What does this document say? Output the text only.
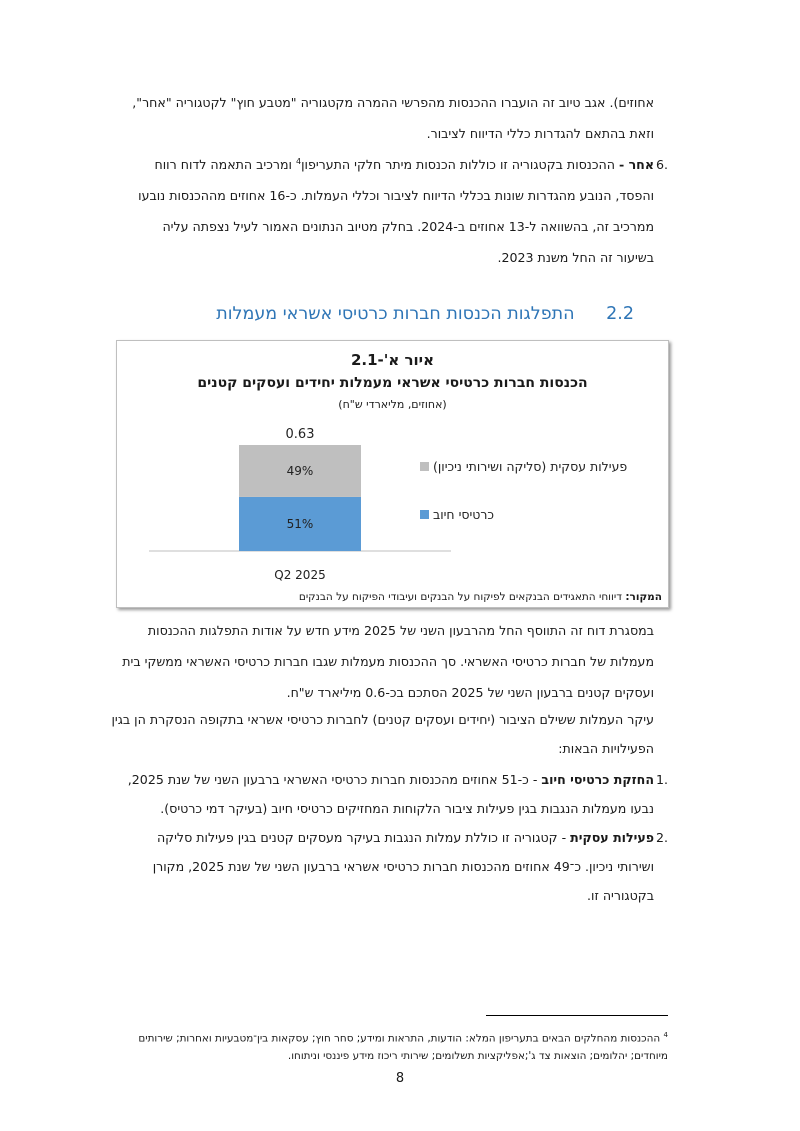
אחוזים). אגב טיוב זה הועברו ההכנסות מהפרשי ההמרה מקטגוריה "מטבע חוץ" לקטגוריה "אחר",
וזאת בהתאם להגדרות כללי הדיווח לציבור.
6.
אחר - ההכנסות בקטגוריה זו כוללות הכנסות מיתר חלקי התעריפון$^4$ ומרכיב התאמה לדוח רווח
והפסד, הנובע מהגדרות שונות בכללי הדיווח לציבור וכללי העמלות. כ-16 אחוזים מההכנסות נובעו
ממרכיב זה, בהשוואה ל-13 אחוזים ב-2024. בחלק מטיוב הנתונים האמור לעיל נצפתה עליה
בשיעור זה החל משנת 2023.
2.2 התפלגות הכנסות חברות כרטיסי אשראי מעמלות
איור א'-2.1
הכנסות חברות כרטיסי אשראי מעמלות יחידים ועסקים קטנים
(אחוזים, מליארדי ש"ח)
51%
49%
0.63
Q2 2025
פעילות עסקית (סליקה ושירותי ניכיון)
כרטיסי חיוב
המקור: דיווחי התאגידים הבנקאים לפיקוח על הבנקים ועיבודי הפיקוח על הבנקים
במסגרת דוח זה התווסף החל מהרבעון השני של 2025 מידע חדש על אודות התפלגות ההכנסות
מעמלות של חברות כרטיסי האשראי. סך ההכנסות מעמלות שגבו חברות כרטיסי האשראי ממשקי בית
ועסקים קטנים ברבעון השני של 2025 הסתכם בכ-0.6 מיליארד ש"ח.
עיקר העמלות ששילם הציבור (יחידים ועסקים קטנים) לחברות כרטיסי אשראי בתקופה הנסקרת הן בגין
הפעילויות הבאות:
1.
החזקת כרטיסי חיוב - כ-51 אחוזים מהכנסות חברות כרטיסי האשראי ברבעון השני של שנת 2025,
נבעו מעמלות הנגבות בגין פעילות ציבור הלקוחות המחזיקים כרטיסי חיוב (בעיקר דמי כרטיס).
2.
פעילות עסקית - קטגוריה זו כוללת עמלות הנגבות בעיקר מעסקים קטנים בגין פעילות סליקה
ושירותי ניכיון. כ־49 אחוזים מהכנסות חברות כרטיסי אשראי ברבעון השני של שנת 2025, מקורן
בקטגוריה זו.
$^4$ ההכנסות מהחלקים הבאים בתעריפון המלא: הודעות, התראות ומידע; סחר חוץ; עסקאות בין־מטבעיות ואחרות; שירותים
מיוחדים; יהלומים; הוצאות צד ג';אפליקציות תשלומים; שירותי ריכוז מידע פיננסי וניתוחו.
8
